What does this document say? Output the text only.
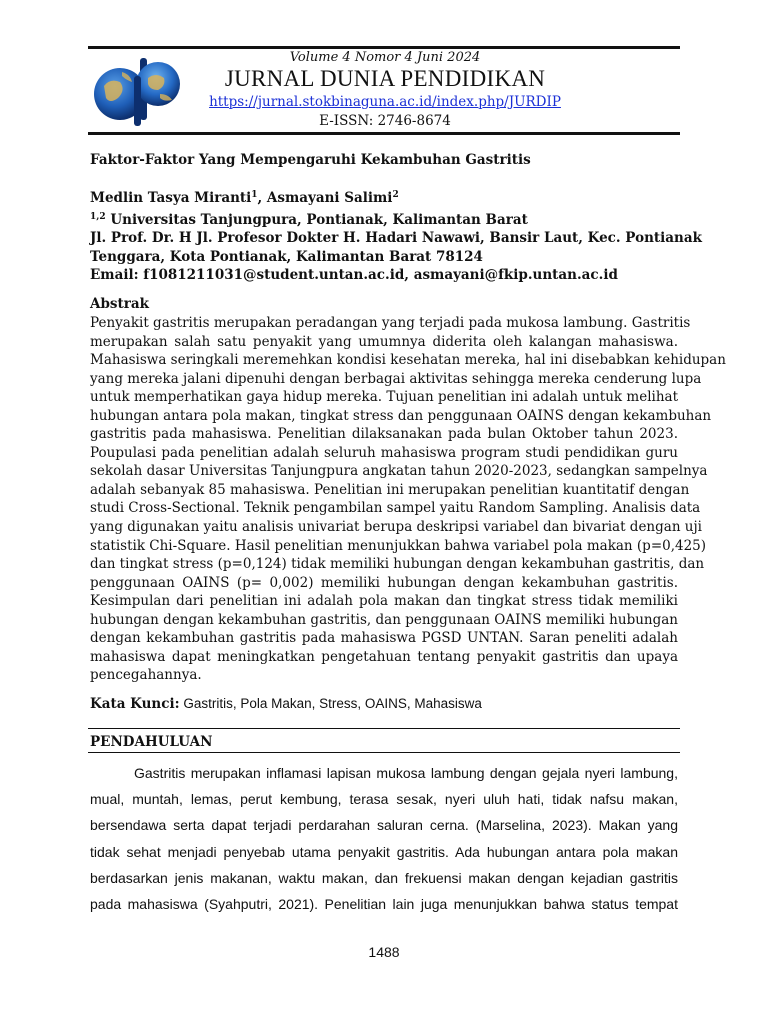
Volume 4 Nomor 4 Juni 2024
JURNAL DUNIA PENDIDIKAN
https://jurnal.stokbinaguna.ac.id/index.php/JURDIP
E-ISSN: 2746-8674
Faktor-Faktor Yang Mempengaruhi Kekambuhan Gastritis
Medlin Tasya Miranti$^1$, Asmayani Salimi$^2$
$^{1,2}$ Universitas Tanjungpura, Pontianak, Kalimantan Barat
Jl. Prof. Dr. H Jl. Profesor Dokter H. Hadari Nawawi, Bansir Laut, Kec. Pontianak
Tenggara, Kota Pontianak, Kalimantan Barat 78124
Email: f1081211031@student.untan.ac.id, asmayani@fkip.untan.ac.id
Abstrak
Penyakit gastritis merupakan peradangan yang terjadi pada mukosa lambung. Gastritis
merupakan salah satu penyakit yang umumnya diderita oleh kalangan mahasiswa.
Mahasiswa seringkali meremehkan kondisi kesehatan mereka, hal ini disebabkan kehidupan
yang mereka jalani dipenuhi dengan berbagai aktivitas sehingga mereka cenderung lupa
untuk memperhatikan gaya hidup mereka. Tujuan penelitian ini adalah untuk melihat
hubungan antara pola makan, tingkat stress dan penggunaan OAINS dengan kekambuhan
gastritis pada mahasiswa. Penelitian dilaksanakan pada bulan Oktober tahun 2023.
Poupulasi pada penelitian adalah seluruh mahasiswa program studi pendidikan guru
sekolah dasar Universitas Tanjungpura angkatan tahun 2020-2023, sedangkan sampelnya
adalah sebanyak 85 mahasiswa. Penelitian ini merupakan penelitian kuantitatif dengan
studi Cross-Sectional. Teknik pengambilan sampel yaitu Random Sampling. Analisis data
yang digunakan yaitu analisis univariat berupa deskripsi variabel dan bivariat dengan uji
statistik Chi-Square. Hasil penelitian menunjukkan bahwa variabel pola makan (p=0,425)
dan tingkat stress (p=0,124) tidak memiliki hubungan dengan kekambuhan gastritis, dan
penggunaan OAINS (p= 0,002) memiliki hubungan dengan kekambuhan gastritis.
Kesimpulan dari penelitian ini adalah pola makan dan tingkat stress tidak memiliki
hubungan dengan kekambuhan gastritis, dan penggunaan OAINS memiliki hubungan
dengan kekambuhan gastritis pada mahasiswa PGSD UNTAN. Saran peneliti adalah
mahasiswa dapat meningkatkan pengetahuan tentang penyakit gastritis dan upaya
pencegahannya.
Kata Kunci: Gastritis, Pola Makan, Stress, OAINS, Mahasiswa
PENDAHULUAN
Gastritis merupakan inflamasi lapisan mukosa lambung dengan gejala nyeri lambung,
mual, muntah, lemas, perut kembung, terasa sesak, nyeri uluh hati, tidak nafsu makan,
bersendawa serta dapat terjadi perdarahan saluran cerna. (Marselina, 2023). Makan yang
tidak sehat menjadi penyebab utama penyakit gastritis. Ada hubungan antara pola makan
berdasarkan jenis makanan, waktu makan, dan frekuensi makan dengan kejadian gastritis
pada mahasiswa (Syahputri, 2021). Penelitian lain juga menunjukkan bahwa status tempat
1488
